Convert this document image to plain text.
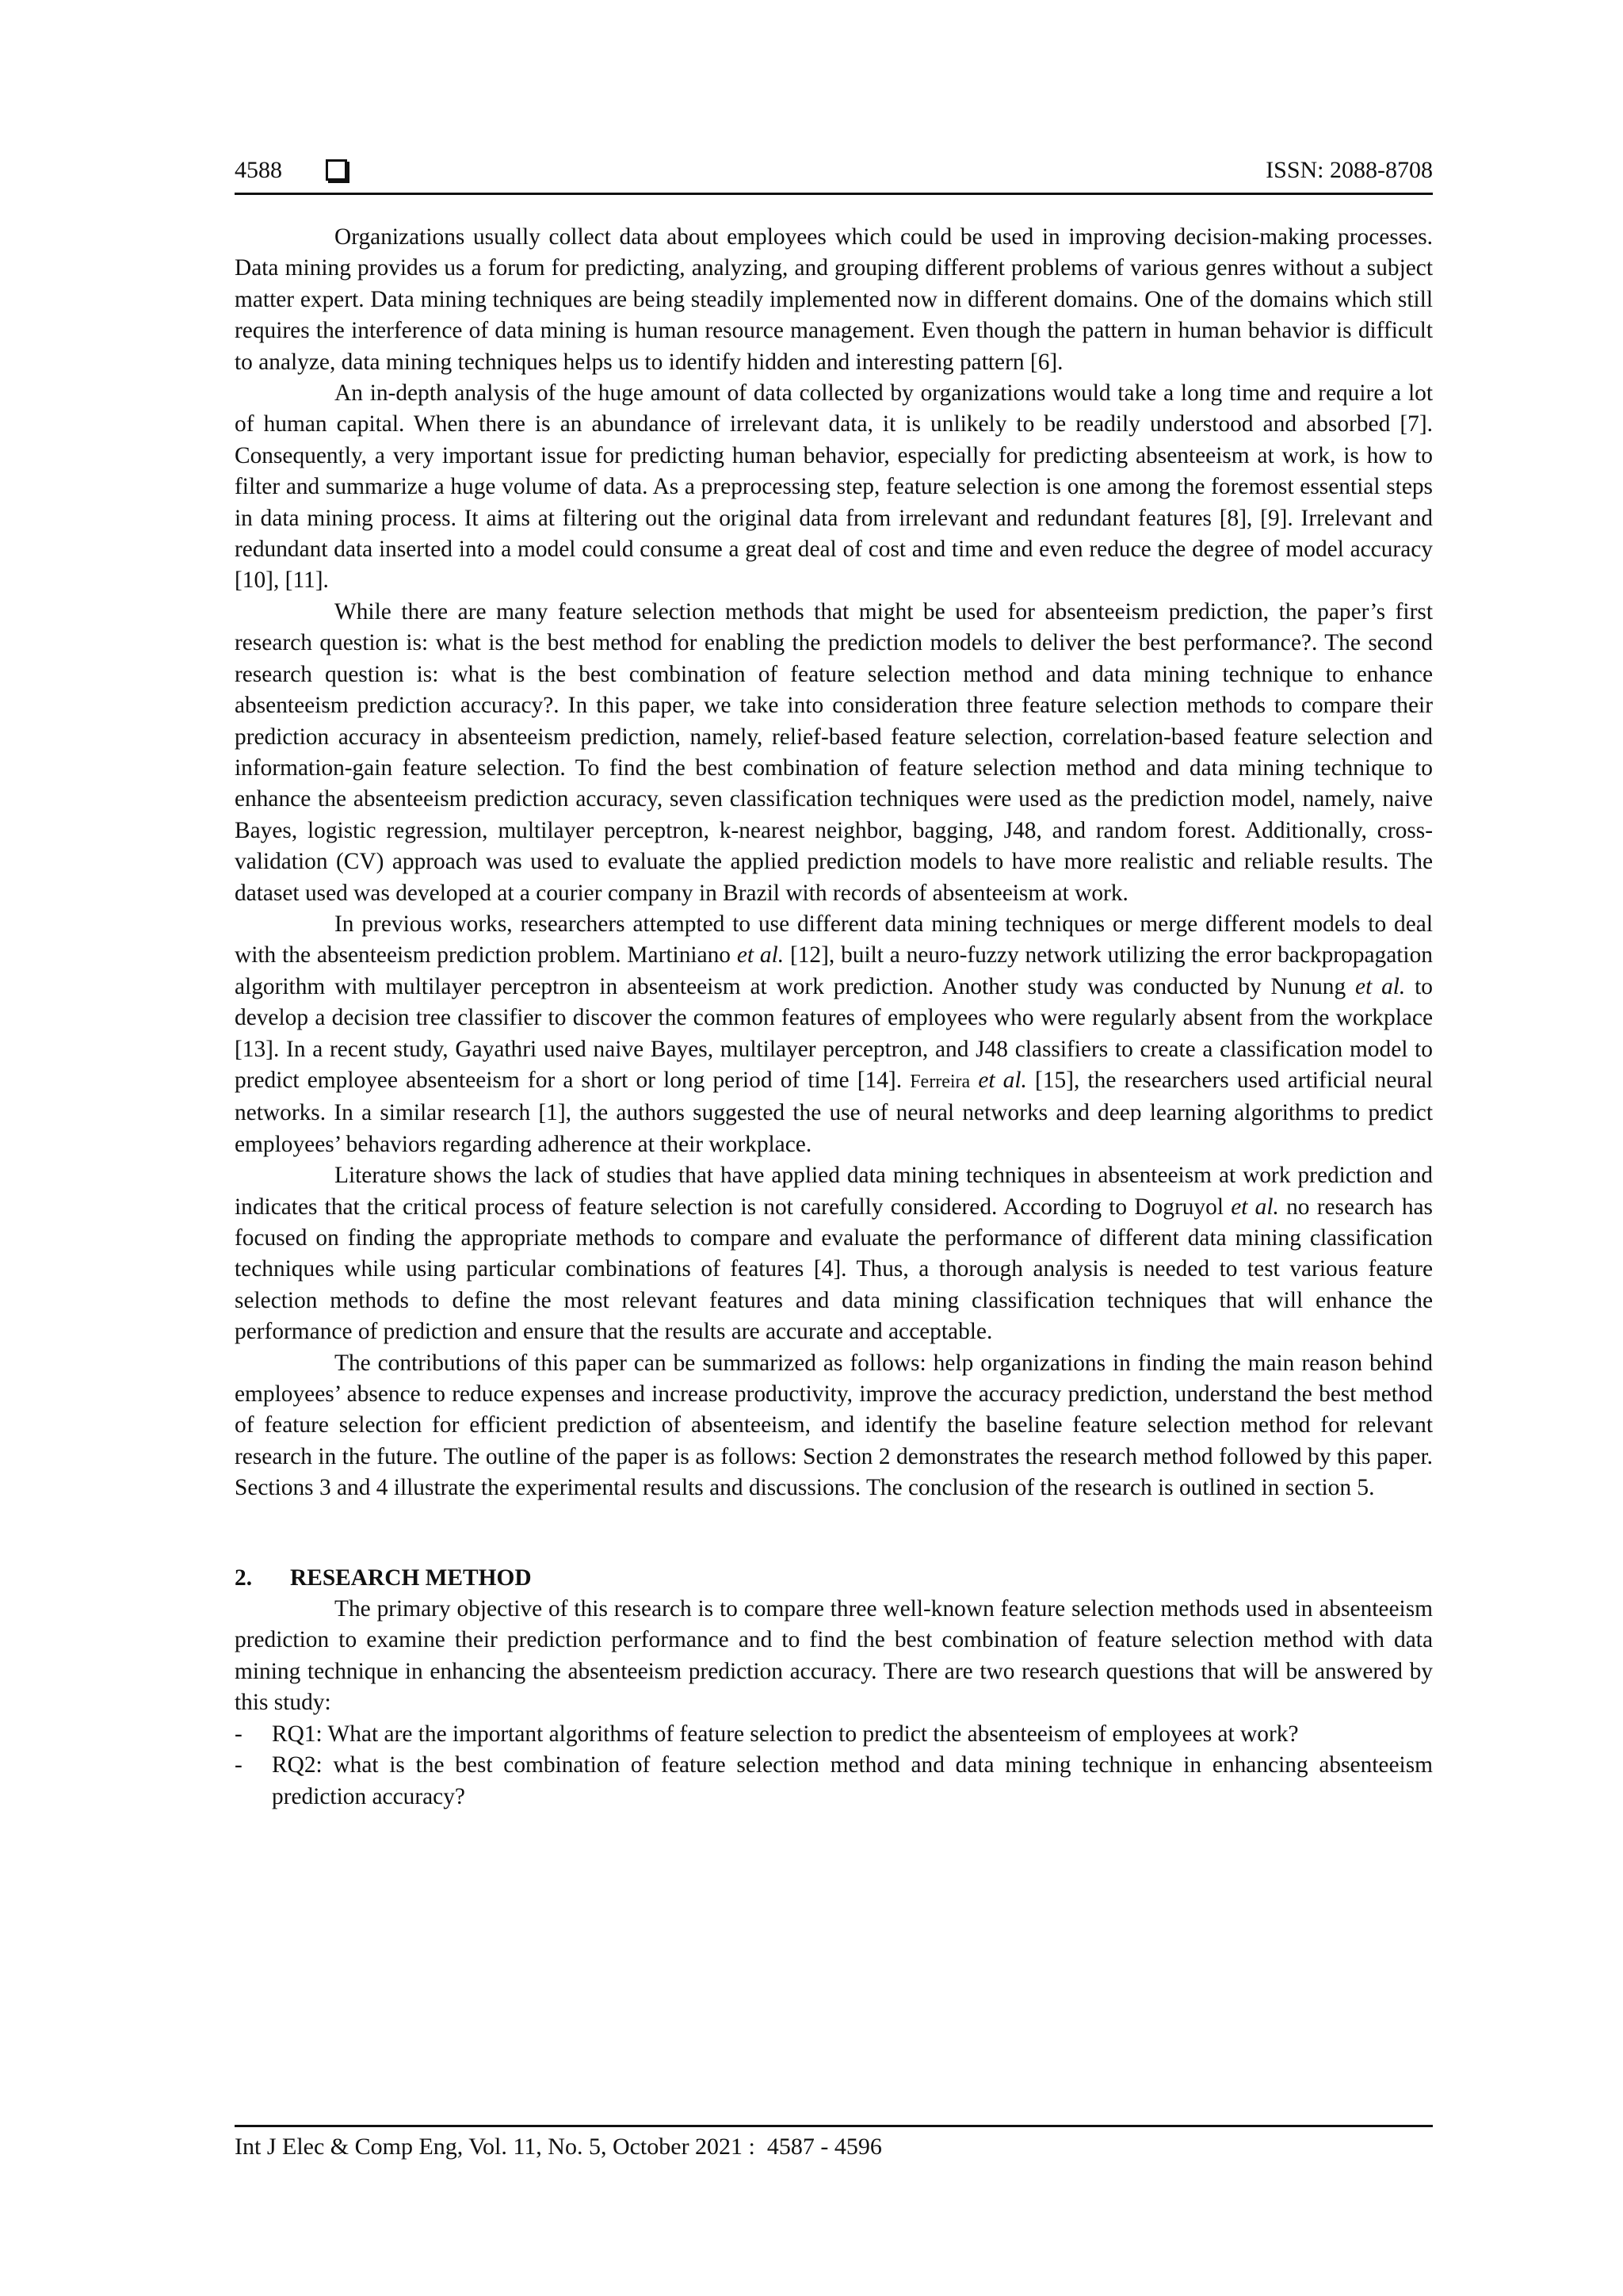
4588	ISSN: 2088-8708

Organizations usually collect data about employees which could be used in improving decision-making processes. Data mining provides us a forum for predicting, analyzing, and grouping different problems of various genres without a subject matter expert. Data mining techniques are being steadily implemented now in different domains. One of the domains which still requires the interference of data mining is human resource management. Even though the pattern in human behavior is difficult to analyze, data mining techniques helps us to identify hidden and interesting pattern [6].

An in-depth analysis of the huge amount of data collected by organizations would take a long time and require a lot of human capital. When there is an abundance of irrelevant data, it is unlikely to be readily understood and absorbed [7]. Consequently, a very important issue for predicting human behavior, especially for predicting absenteeism at work, is how to filter and summarize a huge volume of data. As a preprocessing step, feature selection is one among the foremost essential steps in data mining process. It aims at filtering out the original data from irrelevant and redundant features [8], [9]. Irrelevant and redundant data inserted into a model could consume a great deal of cost and time and even reduce the degree of model accuracy [10], [11].

While there are many feature selection methods that might be used for absenteeism prediction, the paper’s first research question is: what is the best method for enabling the prediction models to deliver the best performance?. The second research question is: what is the best combination of feature selection method and data mining technique to enhance absenteeism prediction accuracy?. In this paper, we take into consideration three feature selection methods to compare their prediction accuracy in absenteeism prediction, namely, relief-based feature selection, correlation-based feature selection and information-gain feature selection. To find the best combination of feature selection method and data mining technique to enhance the absenteeism prediction accuracy, seven classification techniques were used as the prediction model, namely, naive Bayes, logistic regression, multilayer perceptron, k-nearest neighbor, bagging, J48, and random forest. Additionally, cross-validation (CV) approach was used to evaluate the applied prediction models to have more realistic and reliable results. The dataset used was developed at a courier company in Brazil with records of absenteeism at work.

In previous works, researchers attempted to use different data mining techniques or merge different models to deal with the absenteeism prediction problem. Martiniano et al. [12], built a neuro-fuzzy network utilizing the error backpropagation algorithm with multilayer perceptron in absenteeism at work prediction. Another study was conducted by Nunung et al. to develop a decision tree classifier to discover the common features of employees who were regularly absent from the workplace [13]. In a recent study, Gayathri used naive Bayes, multilayer perceptron, and J48 classifiers to create a classification model to predict employee absenteeism for a short or long period of time [14]. Ferreira et al. [15], the researchers used artificial neural networks. In a similar research [1], the authors suggested the use of neural networks and deep learning algorithms to predict employees’ behaviors regarding adherence at their workplace.

Literature shows the lack of studies that have applied data mining techniques in absenteeism at work prediction and indicates that the critical process of feature selection is not carefully considered. According to Dogruyol et al. no research has focused on finding the appropriate methods to compare and evaluate the performance of different data mining classification techniques while using particular combinations of features [4]. Thus, a thorough analysis is needed to test various feature selection methods to define the most relevant features and data mining classification techniques that will enhance the performance of prediction and ensure that the results are accurate and acceptable.

The contributions of this paper can be summarized as follows: help organizations in finding the main reason behind employees’ absence to reduce expenses and increase productivity, improve the accuracy prediction, understand the best method of feature selection for efficient prediction of absenteeism, and identify the baseline feature selection method for relevant research in the future. The outline of the paper is as follows: Section 2 demonstrates the research method followed by this paper. Sections 3 and 4 illustrate the experimental results and discussions. The conclusion of the research is outlined in section 5.

2. RESEARCH METHOD

The primary objective of this research is to compare three well-known feature selection methods used in absenteeism prediction to examine their prediction performance and to find the best combination of feature selection method with data mining technique in enhancing the absenteeism prediction accuracy. There are two research questions that will be answered by this study:

- RQ1: What are the important algorithms of feature selection to predict the absenteeism of employees at work?
- RQ2: what is the best combination of feature selection method and data mining technique in enhancing absenteeism prediction accuracy?
Int J Elec & Comp Eng, Vol. 11, No. 5, October 2021 :  4587 - 4596
